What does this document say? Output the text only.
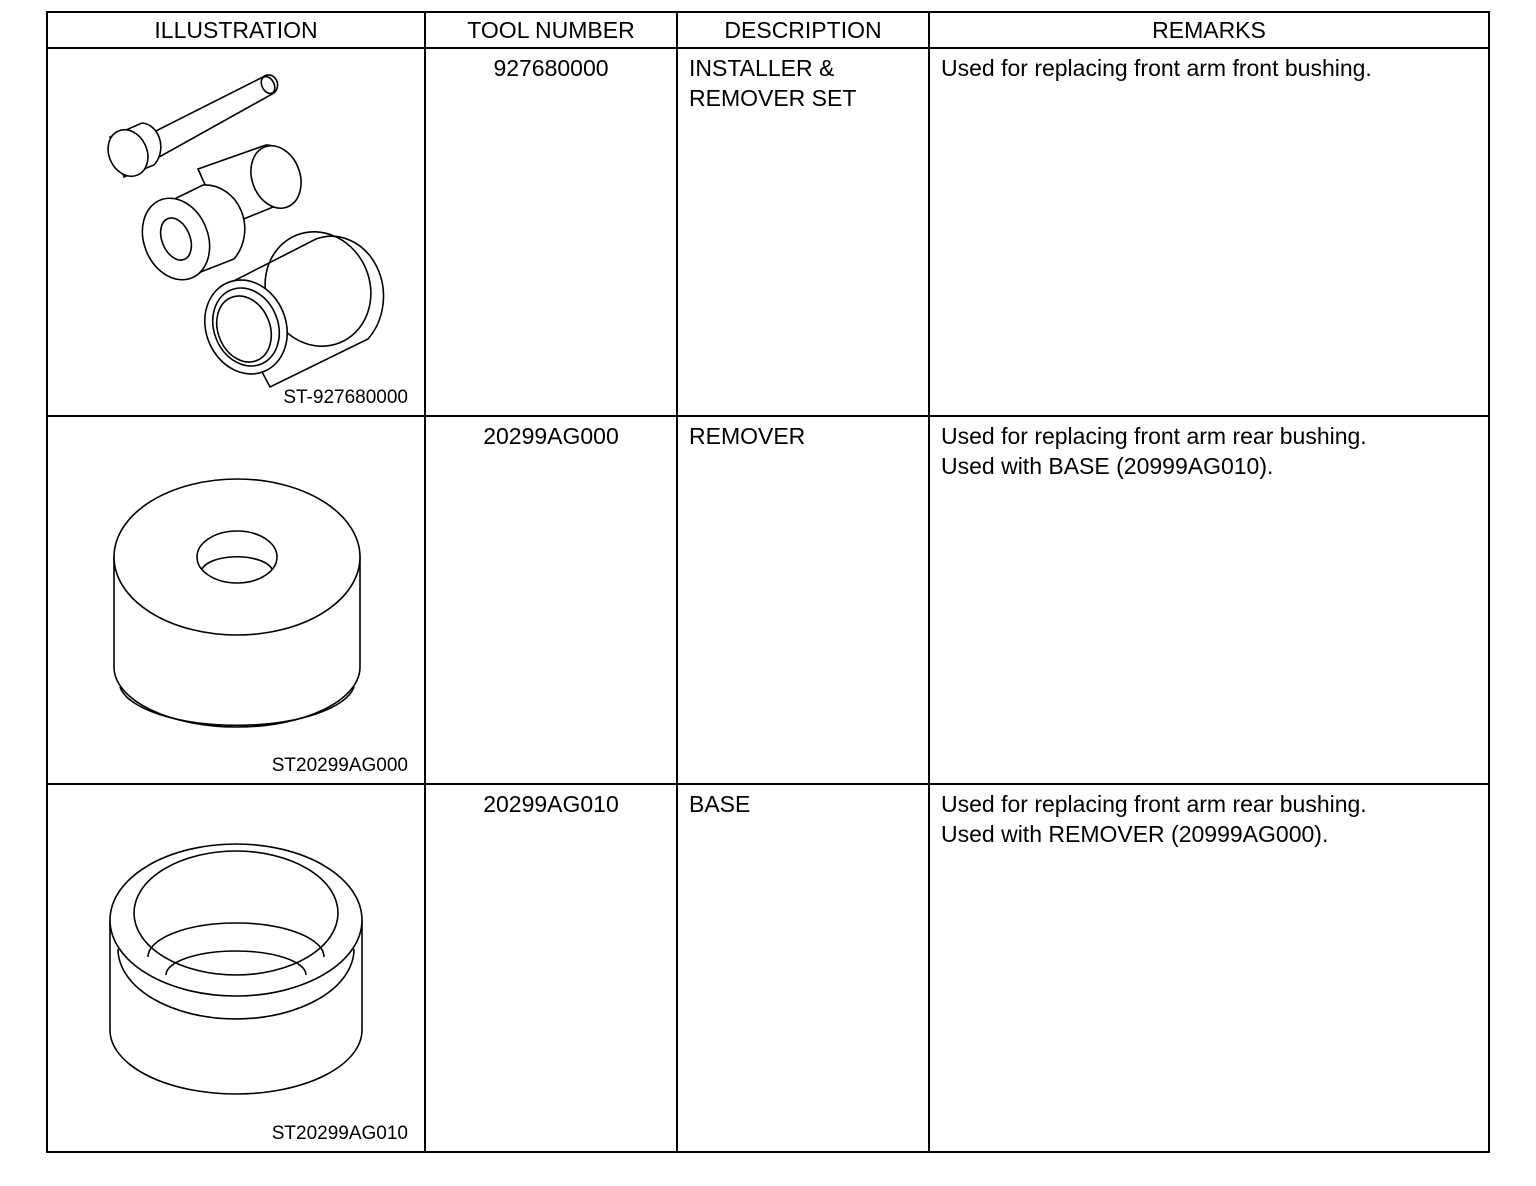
ILLUSTRATION	TOOL NUMBER	DESCRIPTION	REMARKS

ST-927680000	927680000	INSTALLER &
REMOVER SET	Used for replacing front arm front bushing.

ST20299AG000	20299AG000	REMOVER	Used for replacing front arm rear bushing.
Used with BASE (20999AG010).

ST20299AG010	20299AG010	BASE	Used for replacing front arm rear bushing.
Used with REMOVER (20999AG000).
